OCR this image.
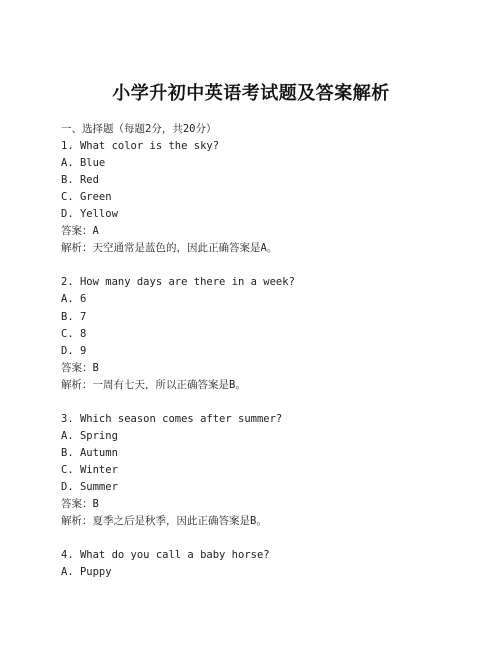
小学升初中英语考试题及答案解析
一、选择题（每题2分，共20分）
1. What color is the sky?
A. Blue
B. Red
C. Green
D. Yellow
答案：A
解析：天空通常是蓝色的，因此正确答案是A。
2. How many days are there in a week?
A. 6
B. 7
C. 8
D. 9
答案：B
解析：一周有七天，所以正确答案是B。
3. Which season comes after summer?
A. Spring
B. Autumn
C. Winter
D. Summer
答案：B
解析：夏季之后是秋季，因此正确答案是B。
4. What do you call a baby horse?
A. Puppy
